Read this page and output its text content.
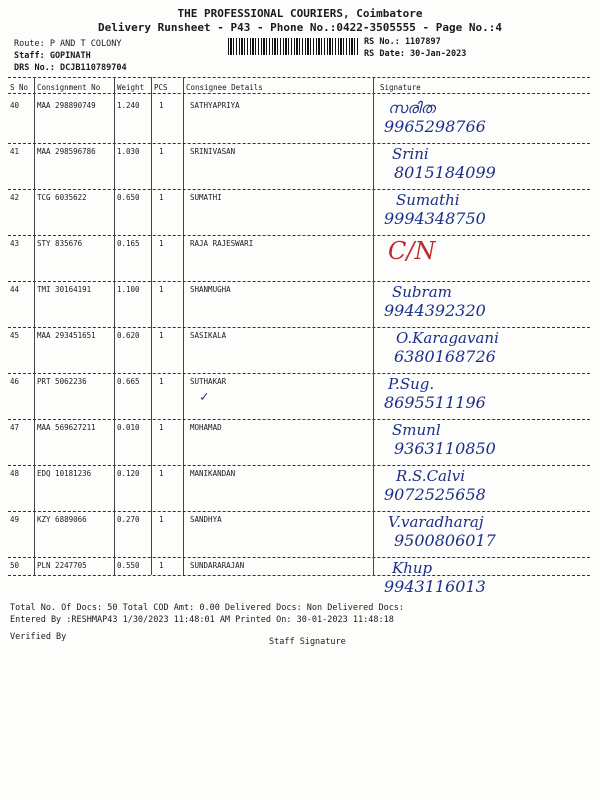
THE PROFESSIONAL COURIERS, Coimbatore
Delivery Runsheet - P43 - Phone No.:0422-3505555 - Page No.:4
Route: P AND T COLONY
Staff: GOPINATH
DRS No.: DCJB110789704
RS No.: 1107897
RS Date: 30-Jan-2023
S No Consignment No Weight PCS Consignee Details	Signature
40 MAA 298890749	1.240	1	SATHYAPRIYA	സരിത
9965298766
41 MAA 298596786	1.030	1	SRINIVASAN	Srini
8015184099
42 TCG 6035622	0.650	1	SUMATHI	Sumathi
9994348750
43 STY 835676	0.165	1	RAJA RAJESWARI	C/N
44 TMI 30164191	1.100	1	SHANMUGHA	Subram
9944392320
45 MAA 293451651	0.620	1	SASIKALA	O.Karagavani
6380168726
46 PRT 5062236	0.665	1	SUTHAKAR	P.Sug.
8695511196
47 MAA 569627211	0.010	1	MOHAMAD	Smunl
9363110850
48 EDQ 10181236	0.120	1	MANIKANDAN	R.S.Calvi
9072525658
49 KZY 6889066	0.270	1	SANDHYA	V.varadharaj
9500806017
50 PLN 2247705	0.550	1	SUNDARARAJAN	Khup
9943116013
✓
Total No. Of Docs: 50 Total COD Amt: 0.00 Delivered Docs: Non Delivered Docs:
Entered By :RESHMAP43 1/30/2023 11:48:01 AM Printed On: 30-01-2023 11:48:18
Verified By	Staff Signature
